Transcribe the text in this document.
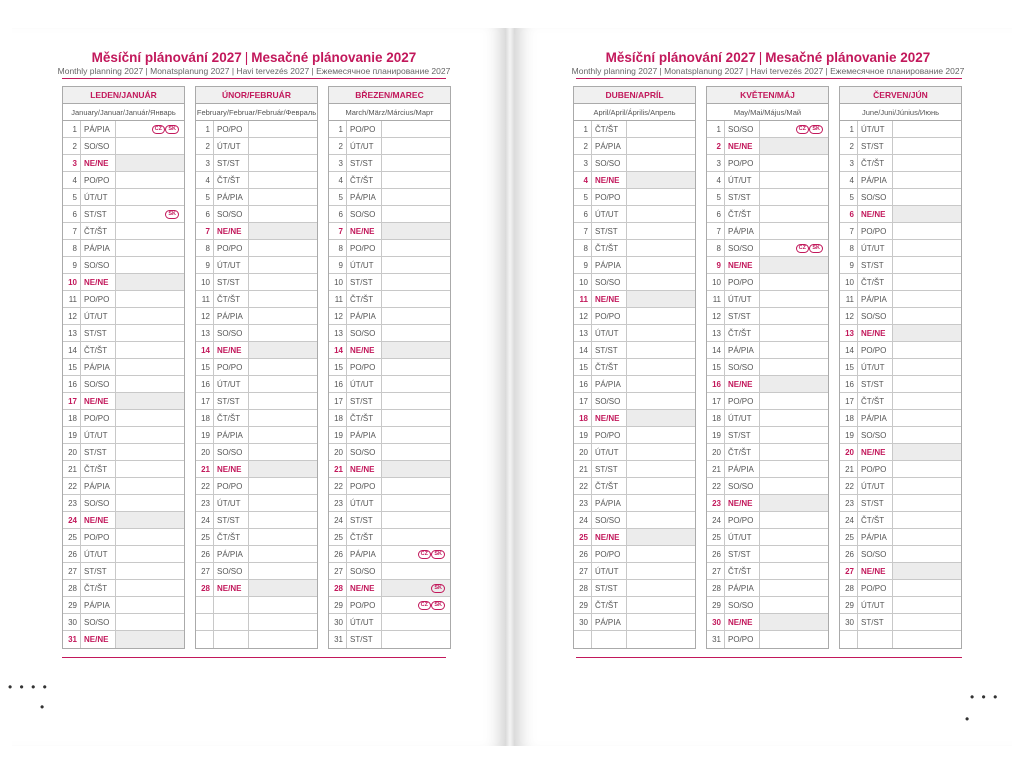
Měsíční plánování 2027 | Mesačné plánovanie 2027
Monthly planning 2027 | Monatsplanung 2027 | Havi tervezés 2027 | Ежемесячное планирование 2027
Měsíční plánování 2027 | Mesačné plánovanie 2027
Monthly planning 2027 | Monatsplanung 2027 | Havi tervezés 2027 | Ежемесячное планирование 2027
LEDEN/JANUÁR
January/Januar/Január/Январь
1 PÁ/PIA	CZ	SK
2 SO/SO
3 NE/NE
4 PO/PO
5 ÚT/UT
6 ST/ST	SK
7 ČT/ŠT
8 PÁ/PIA
9 SO/SO
10 NE/NE
11 PO/PO
12 ÚT/UT
13 ST/ST
14 ČT/ŠT
15 PÁ/PIA
16 SO/SO
17 NE/NE
18 PO/PO
19 ÚT/UT
20 ST/ST
21 ČT/ŠT
22 PÁ/PIA
23 SO/SO
24 NE/NE
25 PO/PO
26 ÚT/UT
27 ST/ST
28 ČT/ŠT
29 PÁ/PIA
30 SO/SO
31 NE/NE
ÚNOR/FEBRUÁR
February/Februar/Február/Февраль
1 PO/PO
2 ÚT/UT
3 ST/ST
4 ČT/ŠT
5 PÁ/PIA
6 SO/SO
7 NE/NE
8 PO/PO
9 ÚT/UT
10 ST/ST
11 ČT/ŠT
12 PÁ/PIA
13 SO/SO
14 NE/NE
15 PO/PO
16 ÚT/UT
17 ST/ST
18 ČT/ŠT
19 PÁ/PIA
20 SO/SO
21 NE/NE
22 PO/PO
23 ÚT/UT
24 ST/ST
25 ČT/ŠT
26 PÁ/PIA
27 SO/SO
28 NE/NE
BŘEZEN/MAREC
March/März/Március/Март
1 PO/PO
2 ÚT/UT
3 ST/ST
4 ČT/ŠT
5 PÁ/PIA
6 SO/SO
7 NE/NE
8 PO/PO
9 ÚT/UT
10 ST/ST
11 ČT/ŠT
12 PÁ/PIA
13 SO/SO
14 NE/NE
15 PO/PO
16 ÚT/UT
17 ST/ST
18 ČT/ŠT
19 PÁ/PIA
20 SO/SO
21 NE/NE
22 PO/PO
23 ÚT/UT
24 ST/ST
25 ČT/ŠT
26 PÁ/PIA	CZ	SK
27 SO/SO
28 NE/NE	SK
29 PO/PO	CZ	SK
30 ÚT/UT
31 ST/ST
DUBEN/APRÍL
April/April/Április/Апрель
1 ČT/ŠT
2 PÁ/PIA
3 SO/SO
4 NE/NE
5 PO/PO
6 ÚT/UT
7 ST/ST
8 ČT/ŠT
9 PÁ/PIA
10 SO/SO
11 NE/NE
12 PO/PO
13 ÚT/UT
14 ST/ST
15 ČT/ŠT
16 PÁ/PIA
17 SO/SO
18 NE/NE
19 PO/PO
20 ÚT/UT
21 ST/ST
22 ČT/ŠT
23 PÁ/PIA
24 SO/SO
25 NE/NE
26 PO/PO
27 ÚT/UT
28 ST/ST
29 ČT/ŠT
30 PÁ/PIA
KVĚTEN/MÁJ
May/Mai/Május/Май
1 SO/SO	CZ	SK
2 NE/NE
3 PO/PO
4 ÚT/UT
5 ST/ST
6 ČT/ŠT
7 PÁ/PIA
8 SO/SO	CZ	SK
9 NE/NE
10 PO/PO
11 ÚT/UT
12 ST/ST
13 ČT/ŠT
14 PÁ/PIA
15 SO/SO
16 NE/NE
17 PO/PO
18 ÚT/UT
19 ST/ST
20 ČT/ŠT
21 PÁ/PIA
22 SO/SO
23 NE/NE
24 PO/PO
25 ÚT/UT
26 ST/ST
27 ČT/ŠT
28 PÁ/PIA
29 SO/SO
30 NE/NE
31 PO/PO
ČERVEN/JÚN
June/Juni/Június/Июнь
1 ÚT/UT
2 ST/ST
3 ČT/ŠT
4 PÁ/PIA
5 SO/SO
6 NE/NE
7 PO/PO
8 ÚT/UT
9 ST/ST
10 ČT/ŠT
11 PÁ/PIA
12 SO/SO
13 NE/NE
14 PO/PO
15 ÚT/UT
16 ST/ST
17 ČT/ŠT
18 PÁ/PIA
19 SO/SO
20 NE/NE
21 PO/PO
22 ÚT/UT
23 ST/ST
24 ČT/ŠT
25 PÁ/PIA
26 SO/SO
27 NE/NE
28 PO/PO
29 ÚT/UT
30 ST/ST
• • • •
•
• • •
•
